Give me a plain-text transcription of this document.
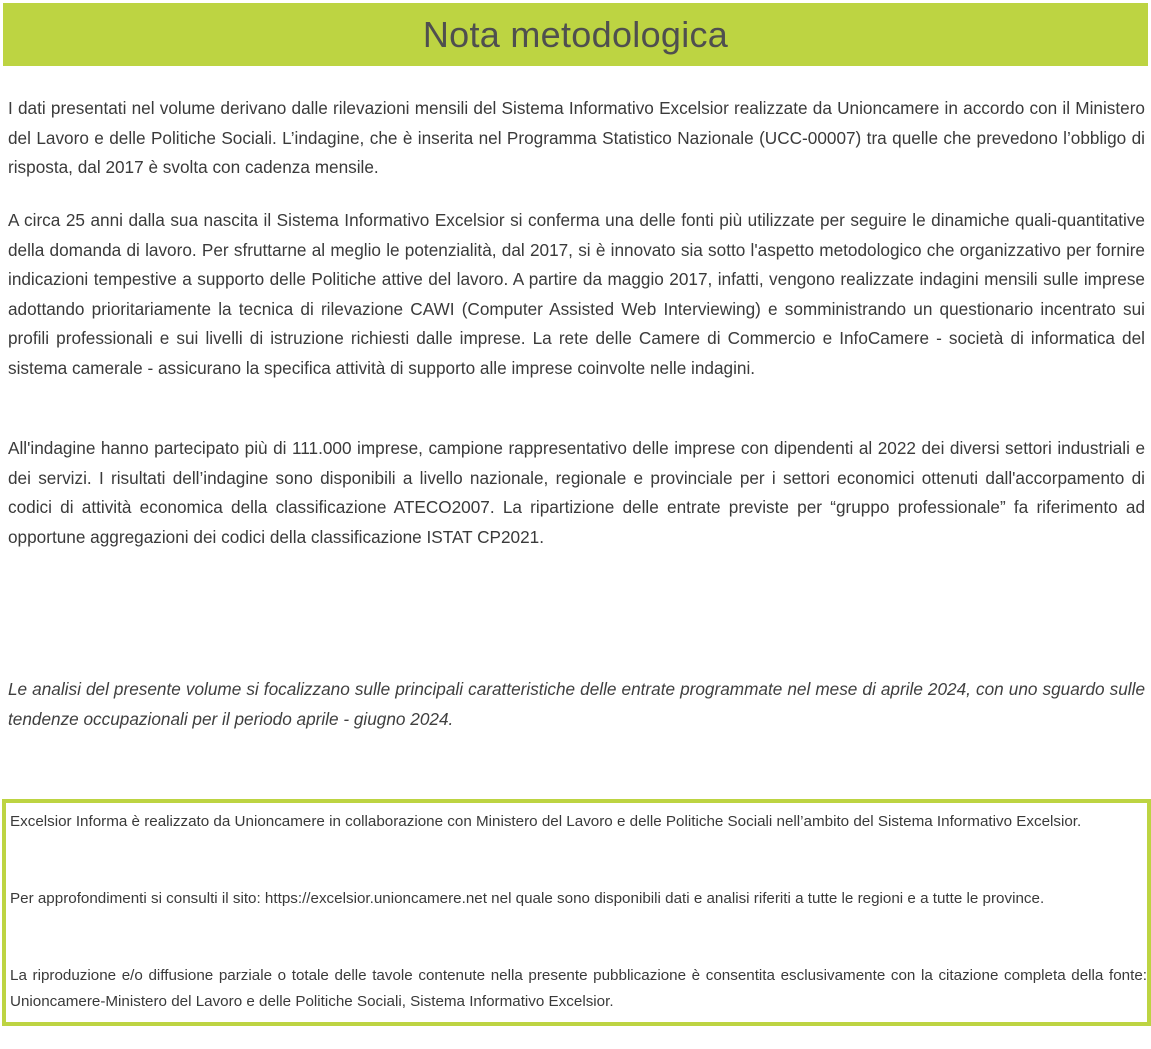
Nota metodologica

I dati presentati nel volume derivano dalle rilevazioni mensili del Sistema Informativo Excelsior realizzate da Unioncamere in accordo con il Ministero del Lavoro e delle Politiche Sociali. L’indagine, che è inserita nel Programma Statistico Nazionale (UCC-00007) tra quelle che prevedono l’obbligo di risposta, dal 2017 è svolta con cadenza mensile.

A circa 25 anni dalla sua nascita il Sistema Informativo Excelsior si conferma una delle fonti più utilizzate per seguire le dinamiche quali-quantitative della domanda di lavoro. Per sfruttarne al meglio le potenzialità, dal 2017, si è innovato sia sotto l'aspetto metodologico che organizzativo per fornire indicazioni tempestive a supporto delle Politiche attive del lavoro. A partire da maggio 2017, infatti, vengono realizzate indagini mensili sulle imprese adottando prioritariamente la tecnica di rilevazione CAWI (Computer Assisted Web Interviewing) e somministrando un questionario incentrato sui profili professionali e sui livelli di istruzione richiesti dalle imprese. La rete delle Camere di Commercio e InfoCamere - società di informatica del sistema camerale - assicurano la specifica attività di supporto alle imprese coinvolte nelle indagini.

All'indagine hanno partecipato più di 111.000 imprese, campione rappresentativo delle imprese con dipendenti al 2022 dei diversi settori industriali e dei servizi. I risultati dell’indagine sono disponibili a livello nazionale, regionale e provinciale per i settori economici ottenuti dall'accorpamento di codici di attività economica della classificazione ATECO2007. La ripartizione delle entrate previste per “gruppo professionale” fa riferimento ad opportune aggregazioni dei codici della classificazione ISTAT CP2021.

Le analisi del presente volume si focalizzano sulle principali caratteristiche delle entrate programmate nel mese di aprile 2024, con uno sguardo sulle tendenze occupazionali per il periodo aprile - giugno 2024.

Excelsior Informa è realizzato da Unioncamere in collaborazione con Ministero del Lavoro e delle Politiche Sociali nell’ambito del Sistema Informativo Excelsior.

Per approfondimenti si consulti il sito: https://excelsior.unioncamere.net nel quale sono disponibili dati e analisi riferiti a tutte le regioni e a tutte le province.

La riproduzione e/o diffusione parziale o totale delle tavole contenute nella presente pubblicazione è consentita esclusivamente con la citazione completa della fonte: Unioncamere-Ministero del Lavoro e delle Politiche Sociali, Sistema Informativo Excelsior.
